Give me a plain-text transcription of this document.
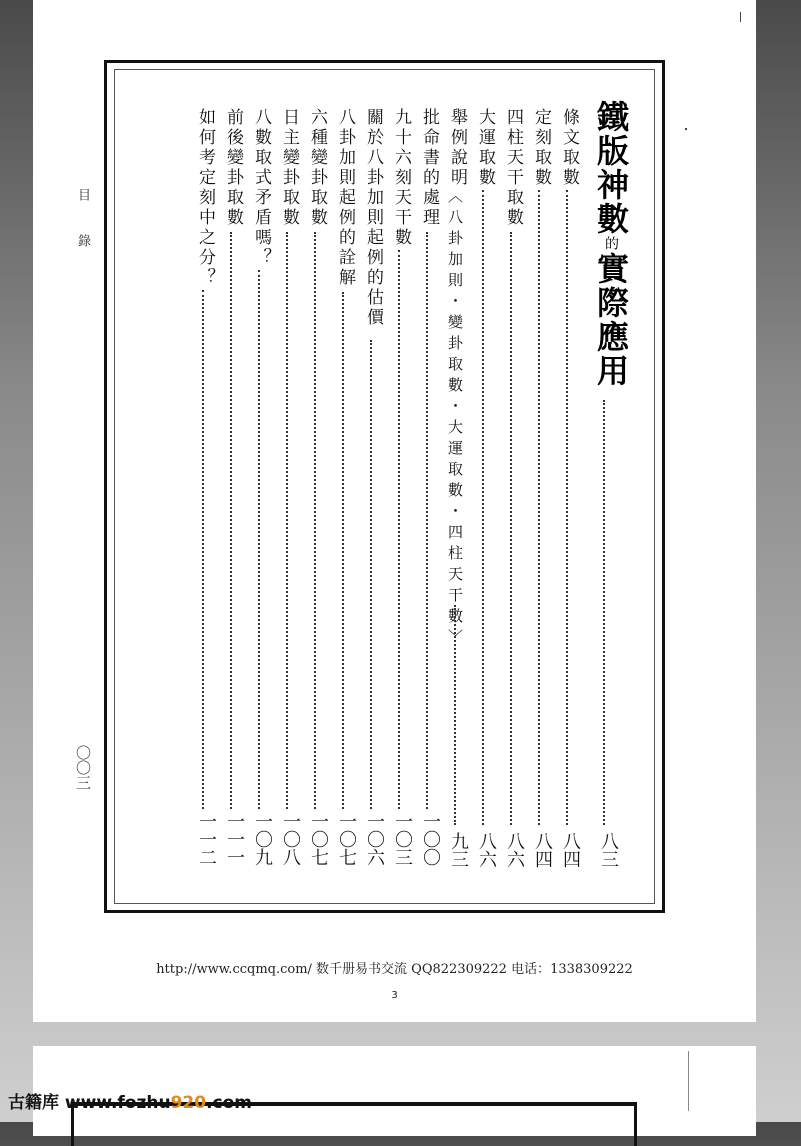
目
錄
〇〇三
鐵版神數的實際應用
八三
條文取數
八四
定刻取數
八四
四柱天干取數
八六
大運取數
八六
舉例說明
〈八卦加則・變卦取數・大運取數・四柱天干數〉
九三
批命書的處理
一〇〇
九十六刻天干數
一〇三
關於八卦加則起例的估價
一〇六
八卦加則起例的詮解
一〇七
六種變卦取數
一〇七
日主變卦取數
一〇八
八數取式矛盾嗎？
一〇九
前後變卦取數
一一一
如何考定刻中之分？
一一二
http://www.ccqmq.com/ 数千册易书交流 QQ822309222 电话：1338309222
3
古籍库 www.fozhu920.com
